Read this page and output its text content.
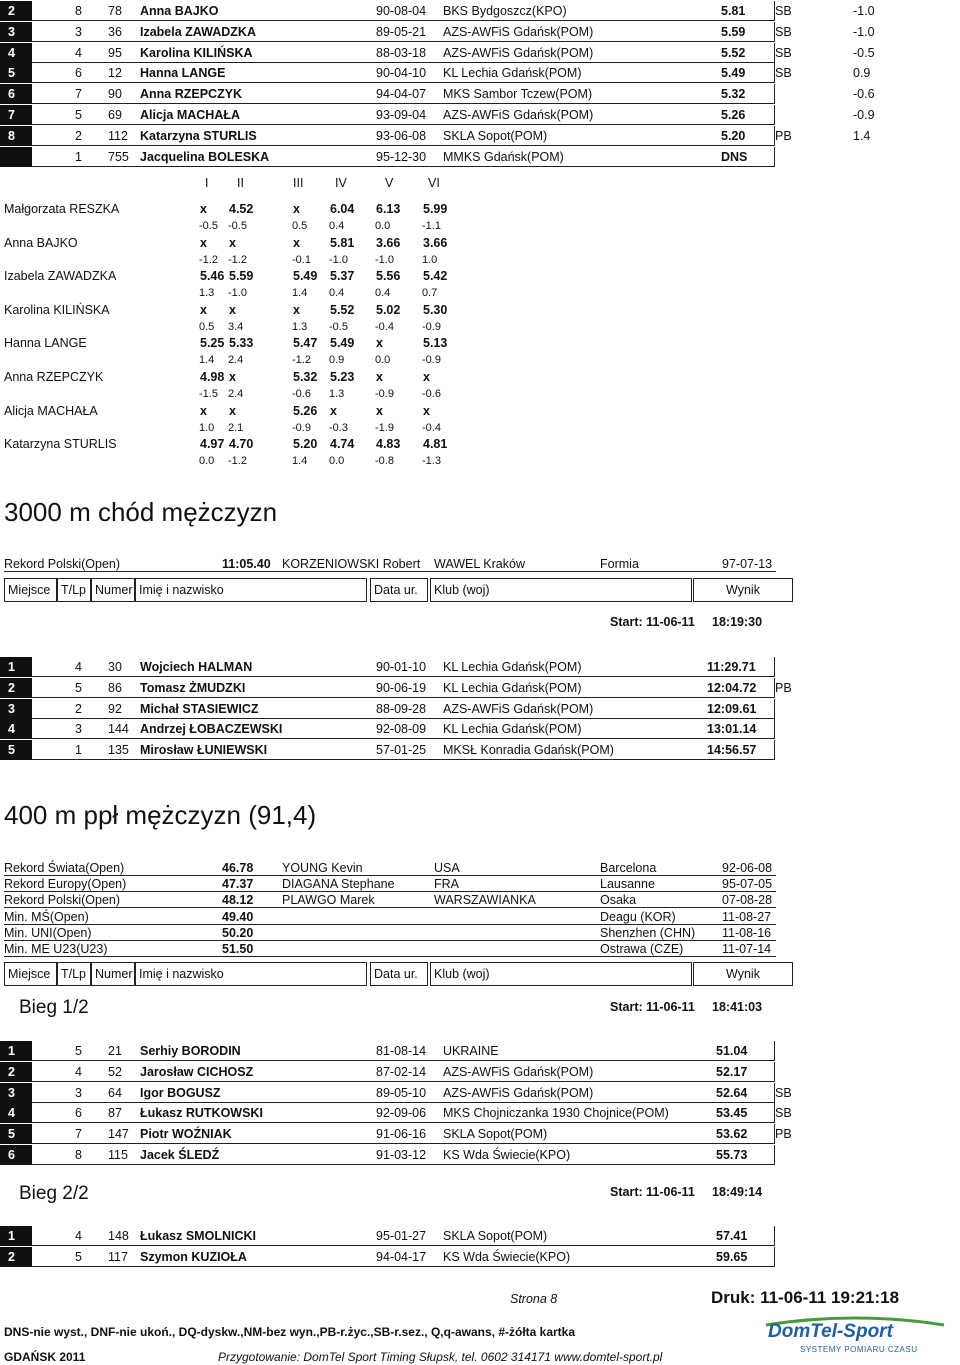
2	8 78 Anna BAJKO	90-08-04 BKS Bydgoszcz(KPO)	5.81 SB	-1.0
3	3 36 Izabela ZAWADZKA	89-05-21 AZS-AWFiS Gdańsk(POM)	5.59 SB	-1.0
4	4 95 Karolina KILIŃSKA	88-03-18 AZS-AWFiS Gdańsk(POM)	5.52 SB	-0.5
5	6 12 Hanna LANGE	90-04-10 KL Lechia Gdańsk(POM)	5.49 SB	0.9
6	7 90 Anna RZEPCZYK	94-04-07 MKS Sambor Tczew(POM)	5.32	-0.6
7	5 69 Alicja MACHAŁA	93-09-04 AZS-AWFiS Gdańsk(POM)	5.26	-0.9
8	2 112 Katarzyna STURLIS	93-06-08 SKLA Sopot(POM)	5.20 PB	1.4
1 755 Jacquelina BOLESKA	95-12-30 MMKS Gdańsk(POM)	DNS
I II	III	IV	V	VI
Małgorzata RESZKA	x 4.52	x 6.04 6.13 5.99
-0.5 -0.5	0.5 0.4	0.0	-1.1
Anna BAJKO	x x	x 5.81 3.66 3.66
-1.2 -1.2	-0.1 -1.0 -1.0	1.0
Izabela ZAWADZKA	5.46 5.59	5.49 5.37 5.56 5.42
1.3 -1.0	1.4 0.4	0.4	0.7
Karolina KILIŃSKA	x x	x 5.52 5.02 5.30
0.5 3.4	1.3 -0.5 -0.4	-0.9
Hanna LANGE	5.25 5.33	5.47 5.49 x	5.13
1.4 2.4	-1.2 0.9	0.0	-0.9
Anna RZEPCZYK	4.98 x	5.32 5.23 x	x
-1.5 2.4	-0.6 1.3	-0.9	-0.6
Alicja MACHAŁA	x x	5.26 x	x	x
1.0 2.1	-0.9 -0.3 -1.9	-0.4
Katarzyna STURLIS	4.97 4.70	5.20 4.74 4.83 4.81
0.0 -1.2	1.4 0.0	-0.8	-1.3
3000 m chód mężczyzn
Rekord Polski(Open)	11:05.40 KORZENIOWSKI Robert WAWEL Kraków	Formia	97-07-13
Miejsce T/Lp Numer Imię i nazwisko	Data ur.	Klub (woj)	Wynik
Start: 11-06-11 18:19:30
1	4 30 Wojciech HALMAN	90-01-10 KL Lechia Gdańsk(POM)	11:29.71
2	5 86 Tomasz ŻMUDZKI	90-06-19 KL Lechia Gdańsk(POM)	12:04.72 PB
3	2 92 Michał STASIEWICZ	88-09-28 AZS-AWFiS Gdańsk(POM)	12:09.61
4	3 144 Andrzej ŁOBACZEWSKI	92-08-09 KL Lechia Gdańsk(POM)	13:01.14
5	1 135 Mirosław ŁUNIEWSKI	57-01-25 MKSŁ Konradia Gdańsk(POM)	14:56.57
400 m ppł mężczyzn (91,4)
Rekord Świata(Open)	46.78 YOUNG Kevin	USA	Barcelona	92-06-08
Rekord Europy(Open)	47.37 DIAGANA Stephane	FRA	Lausanne	95-07-05
Rekord Polski(Open)	48.12 PLAWGO Marek	WARSZAWIANKA	Osaka	07-08-28
Min. MŚ(Open)	49.40	Deagu (KOR)	11-08-27
Min. UNI(Open)	50.20	Shenzhen (CHN) 11-08-16
Min. ME U23(U23)	51.50	Ostrawa (CZE)	11-07-14
Miejsce T/Lp Numer Imię i nazwisko	Data ur.	Klub (woj)	Wynik
Bieg 1/2	Start: 11-06-11 18:41:03
1	5 21 Serhiy BORODIN	81-08-14 UKRAINE	51.04
2	4 52 Jarosław CICHOSZ	87-02-14 AZS-AWFiS Gdańsk(POM)	52.17
3	3 64 Igor BOGUSZ	89-05-10 AZS-AWFiS Gdańsk(POM)	52.64 SB
4	6 87 Łukasz RUTKOWSKI	92-09-06 MKS Chojniczanka 1930 Chojnice(POM)	53.45 SB
5	7 147 Piotr WOŹNIAK	91-06-16 SKLA Sopot(POM)	53.62 PB
6	8 115 Jacek ŚLEDŹ	91-03-12 KS Wda Świecie(KPO)	55.73
Bieg 2/2	Start: 11-06-11 18:49:14
1	4 148 Łukasz SMOLNICKI	95-01-27 SKLA Sopot(POM)	57.41
2	5 117 Szymon KUZIOŁA	94-04-17 KS Wda Świecie(KPO)	59.65
Strona 8	Druk: 11-06-11 19:21:18
DNS-nie wyst., DNF-nie ukoń., DQ-dyskw.,NM-bez wyn.,PB-r.życ.,SB-r.sez., Q,q-awans, #-żółta kartka
GDAŃSK 2011	Przygotowanie: DomTel Sport Timing Słupsk, tel. 0602 314171 www.domtel-sport.pl
DomTel-Sport
SYSTEMY POMIARU CZASU
